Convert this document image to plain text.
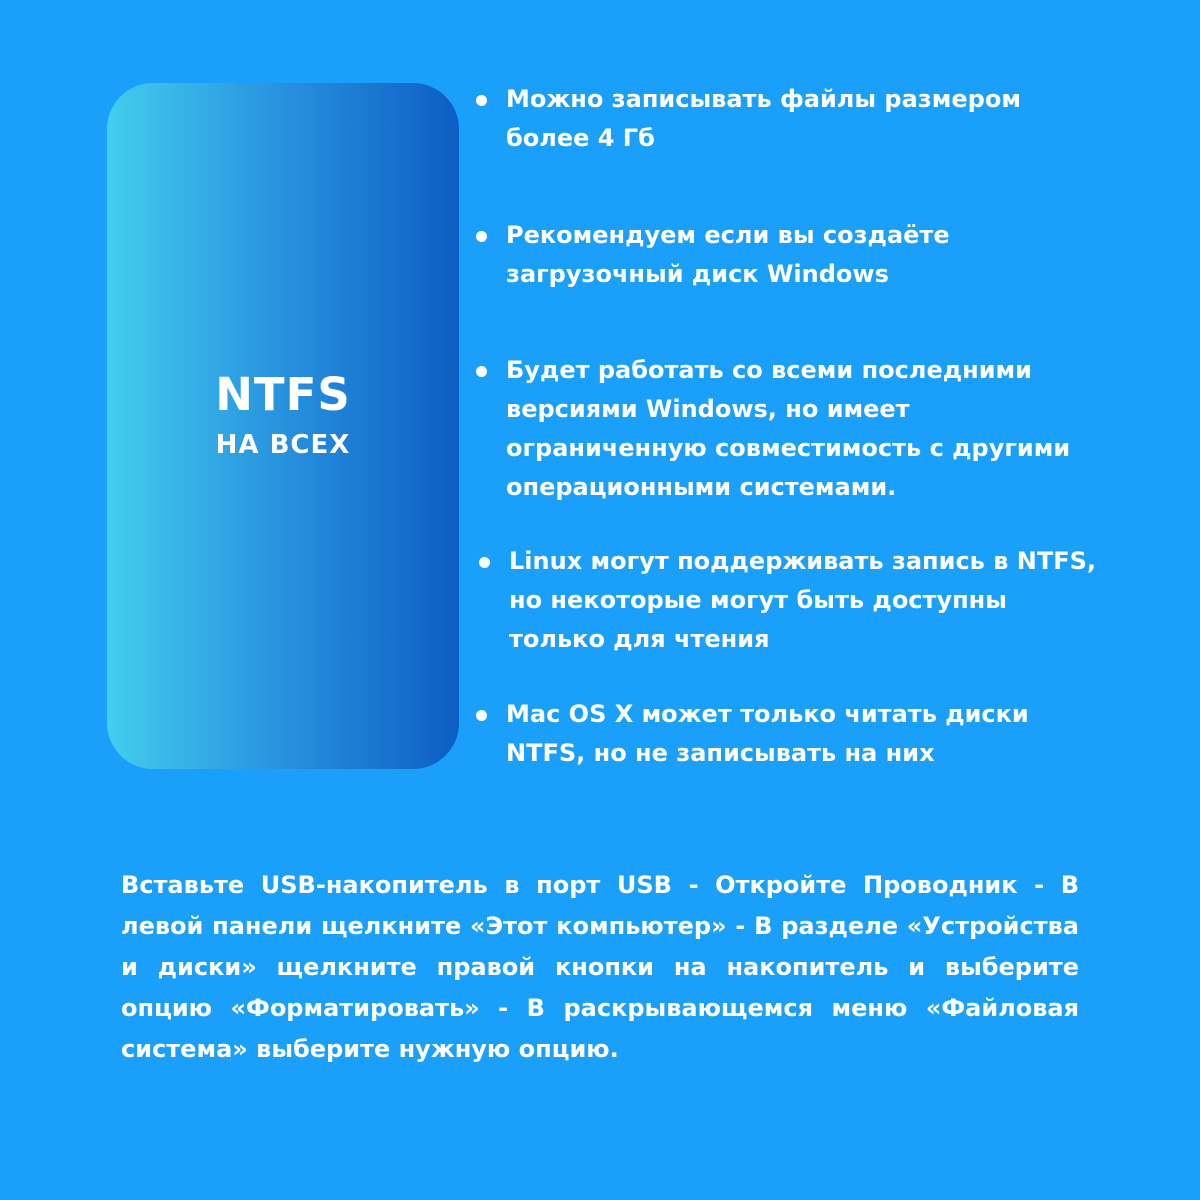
NTFS
НА ВСЕХ
Можно записывать файлы размером
более 4 Гб
Рекомендуем если вы создаёте
загрузочный диск Windows
Будет работать со всеми последними
версиями Windows, но имеет
ограниченную совместимость с другими
операционными системами.
Linux могут поддерживать запись в NTFS,
но некоторые могут быть доступны
только для чтения
Mac OS X может только читать диски
NTFS, но не записывать на них
Вставьте USB-накопитель в порт USB - Откройте Проводник - В левой панели щелкните «Этот компьютер» - В разделе «Устройства и диски» щелкните правой кнопки на накопитель и выберите опцию «Форматировать» - В раскрывающемся меню «Файловая система» выберите нужную опцию.
